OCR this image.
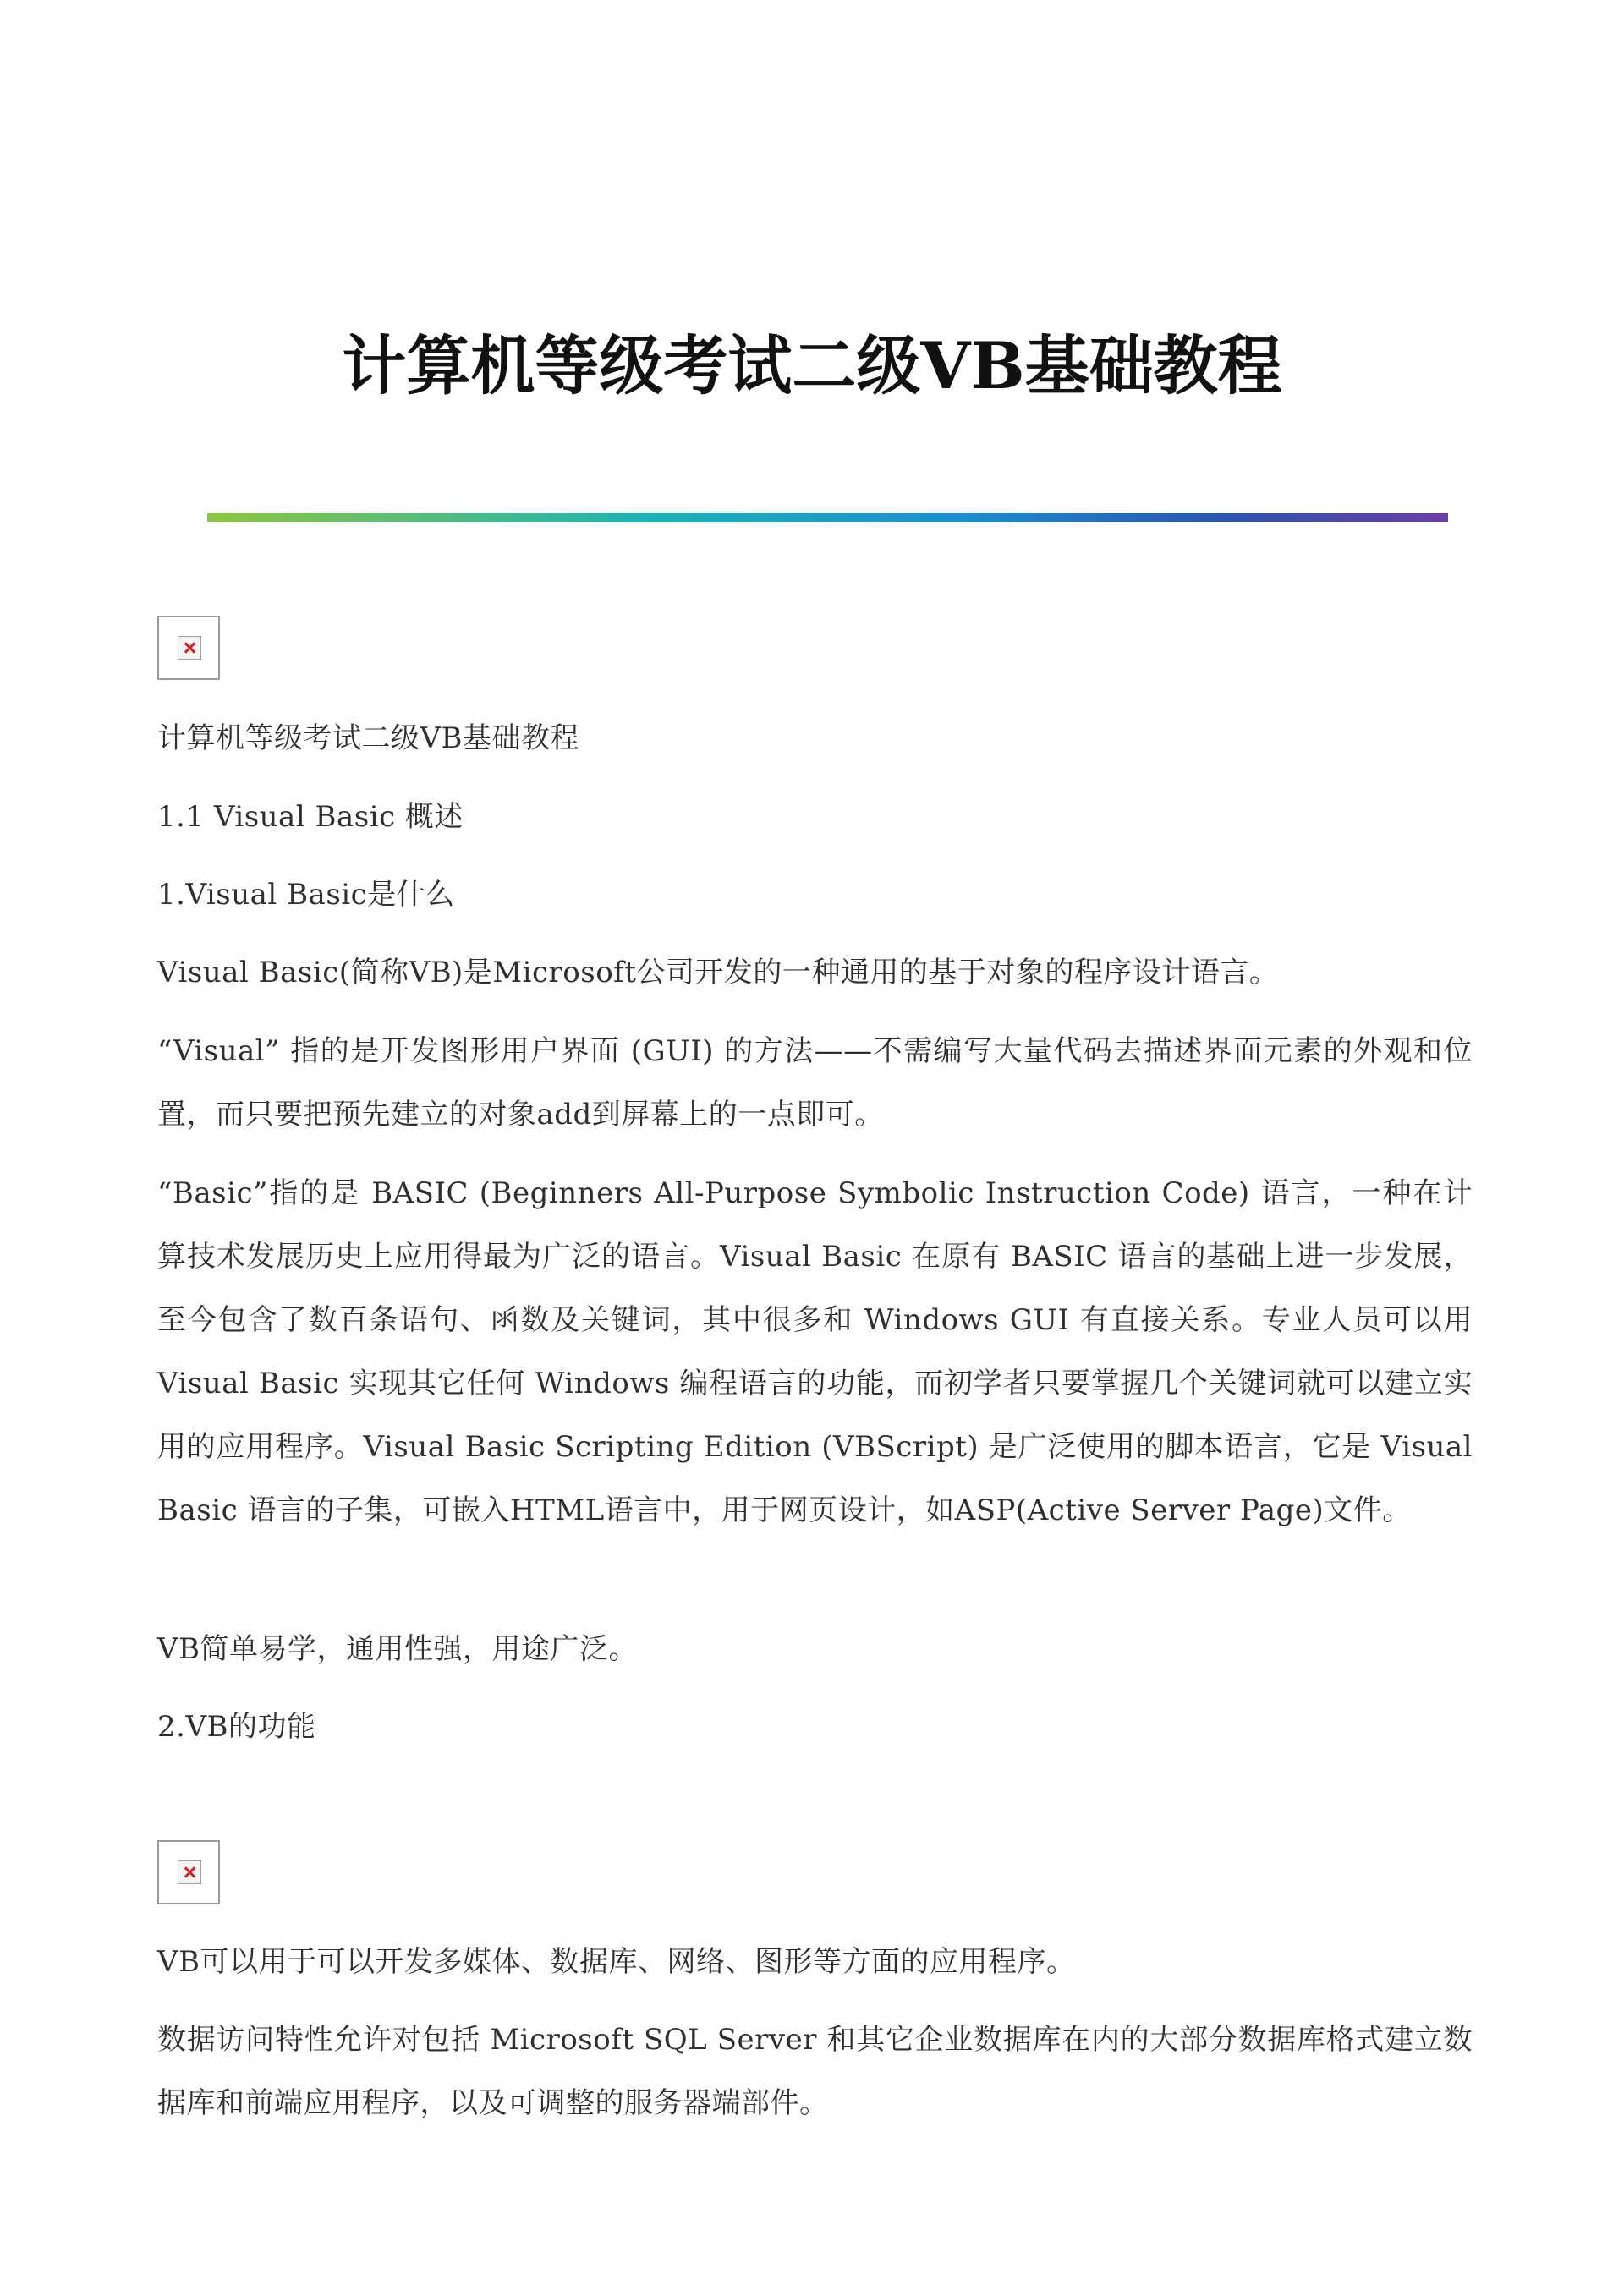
计算机等级考试二级VB基础教程

计算机等级考试二级VB基础教程

1.1 Visual Basic 概述

1.Visual Basic是什么

Visual Basic(简称VB)是Microsoft公司开发的一种通用的基于对象的程序设计语言。

“Visual” 指的是开发图形用户界面 (GUI) 的方法——不需编写大量代码去描述界面元素的外观和位置，而只要把预先建立的对象add到屏幕上的一点即可。

“Basic”指的是 BASIC (Beginners All-Purpose Symbolic Instruction Code) 语言，一种在计算技术发展历史上应用得最为广泛的语言。Visual Basic 在原有 BASIC 语言的基础上进一步发展，至今包含了数百条语句、函数及关键词，其中很多和 Windows GUI 有直接关系。专业人员可以用 Visual Basic 实现其它任何 Windows 编程语言的功能，而初学者只要掌握几个关键词就可以建立实用的应用程序。Visual Basic Scripting Edition (VBScript) 是广泛使用的脚本语言，它是 Visual Basic 语言的子集，可嵌入HTML语言中，用于网页设计，如ASP(Active Server Page)文件。

VB简单易学，通用性强，用途广泛。

2.VB的功能

VB可以用于可以开发多媒体、数据库、网络、图形等方面的应用程序。

数据访问特性允许对包括 Microsoft SQL Server 和其它企业数据库在内的大部分数据库格式建立数据库和前端应用程序，以及可调整的服务器端部件。
